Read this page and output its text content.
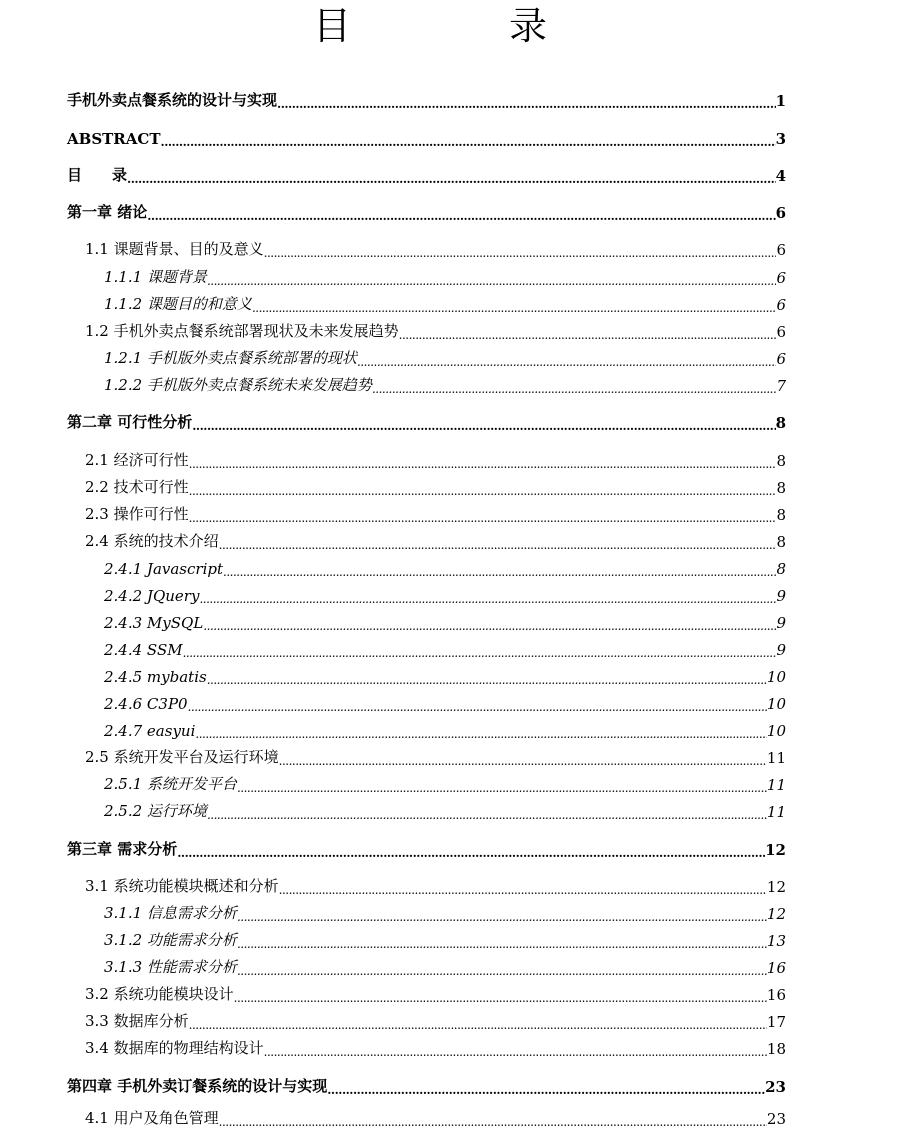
目　录
手机外卖点餐系统的设计与实现 .....	1
ABSTRACT .....	3
目　　录 .....	4
第一章 绪论 .....	6
1.1 课题背景、目的及意义 .....	6
1.1.1 课题背景 .....	6
1.1.2 课题目的和意义 .....	6
1.2 手机外卖点餐系统部署现状及未来发展趋势 .....	6
1.2.1 手机版外卖点餐系统部署的现状 .....	6
1.2.2 手机版外卖点餐系统未来发展趋势 .....	7
第二章 可行性分析 .....	8
2.1 经济可行性 .....	8
2.2 技术可行性 .....	8
2.3 操作可行性 .....	8
2.4 系统的技术介绍 .....	8
2.4.1 Javascript .....	8
2.4.2 JQuery .....	9
2.4.3 MySQL .....	9
2.4.4 SSM .....	9
2.4.5 mybatis .....	10
2.4.6 C3P0 .....	10
2.4.7 easyui .....	10
2.5 系统开发平台及运行环境 .....	11
2.5.1 系统开发平台 .....	11
2.5.2 运行环境 .....	11
第三章 需求分析 .....	12
3.1 系统功能模块概述和分析 .....	12
3.1.1 信息需求分析 .....	12
3.1.2 功能需求分析 .....	13
3.1.3 性能需求分析 .....	16
3.2 系统功能模块设计 .....	16
3.3 数据库分析 .....	17
3.4 数据库的物理结构设计 .....	18
第四章 手机外卖订餐系统的设计与实现 .....	23
4.1 用户及角色管理 .....	23
